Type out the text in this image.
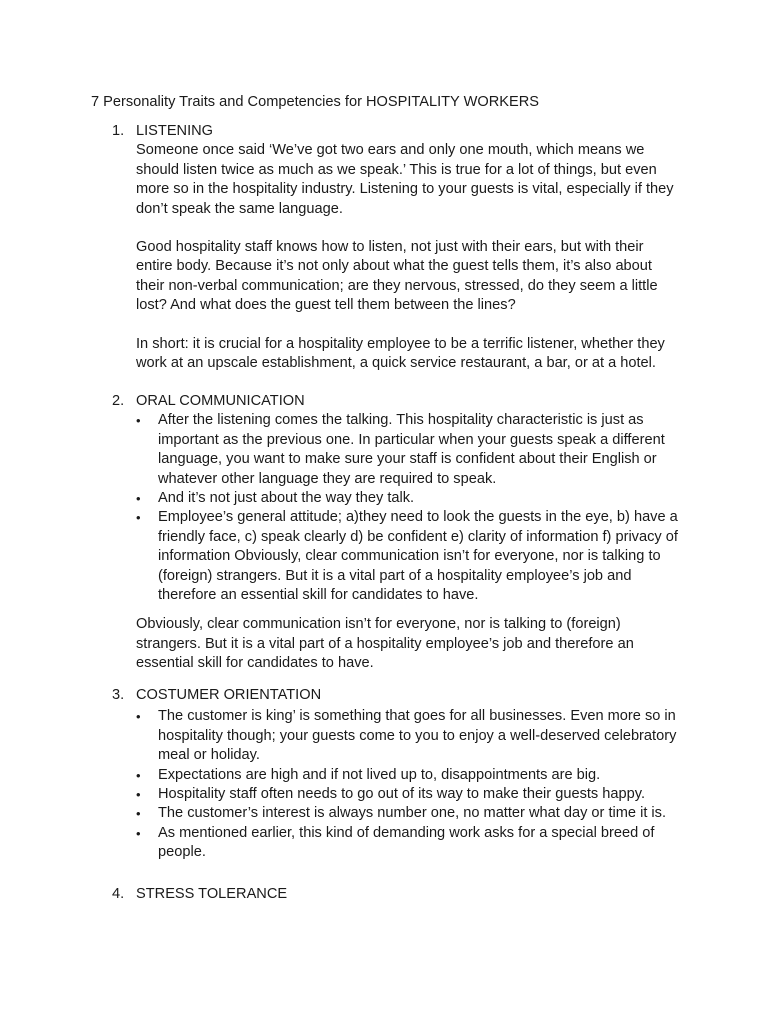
7 Personality Traits and Competencies for HOSPITALITY WORKERS
1. LISTENING

Someone once said ‘We’ve got two ears and only one mouth, which means we should listen twice as much as we speak.’ This is true for a lot of things, but even more so in the hospitality industry. Listening to your guests is vital, especially if they don’t speak the same language.

Good hospitality staff knows how to listen, not just with their ears, but with their entire body. Because it’s not only about what the guest tells them, it’s also about their non-verbal communication; are they nervous, stressed, do they seem a little lost? And what does the guest tell them between the lines?

In short: it is crucial for a hospitality employee to be a terrific listener, whether they work at an upscale establishment, a quick service restaurant, a bar, or at a hotel.

2. ORAL COMMUNICATION
• After the listening comes the talking. This hospitality characteristic is just as important as the previous one. In particular when your guests speak a different language, you want to make sure your staff is confident about their English or whatever other language they are required to speak.
• And it’s not just about the way they talk.
• Employee’s general attitude; a)they need to look the guests in the eye, b) have a friendly face, c) speak clearly d) be confident e) clarity of information f) privacy of information Obviously, clear communication isn’t for everyone, nor is talking to (foreign) strangers. But it is a vital part of a hospitality employee’s job and therefore an essential skill for candidates to have.

Obviously, clear communication isn’t for everyone, nor is talking to (foreign) strangers. But it is a vital part of a hospitality employee’s job and therefore an essential skill for candidates to have.

3. COSTUMER ORIENTATION
• The customer is king’ is something that goes for all businesses. Even more so in hospitality though; your guests come to you to enjoy a well-deserved celebratory meal or holiday.
• Expectations are high and if not lived up to, disappointments are big.
• Hospitality staff often needs to go out of its way to make their guests happy.
• The customer’s interest is always number one, no matter what day or time it is.
• As mentioned earlier, this kind of demanding work asks for a special breed of people.
4. STRESS TOLERANCE
